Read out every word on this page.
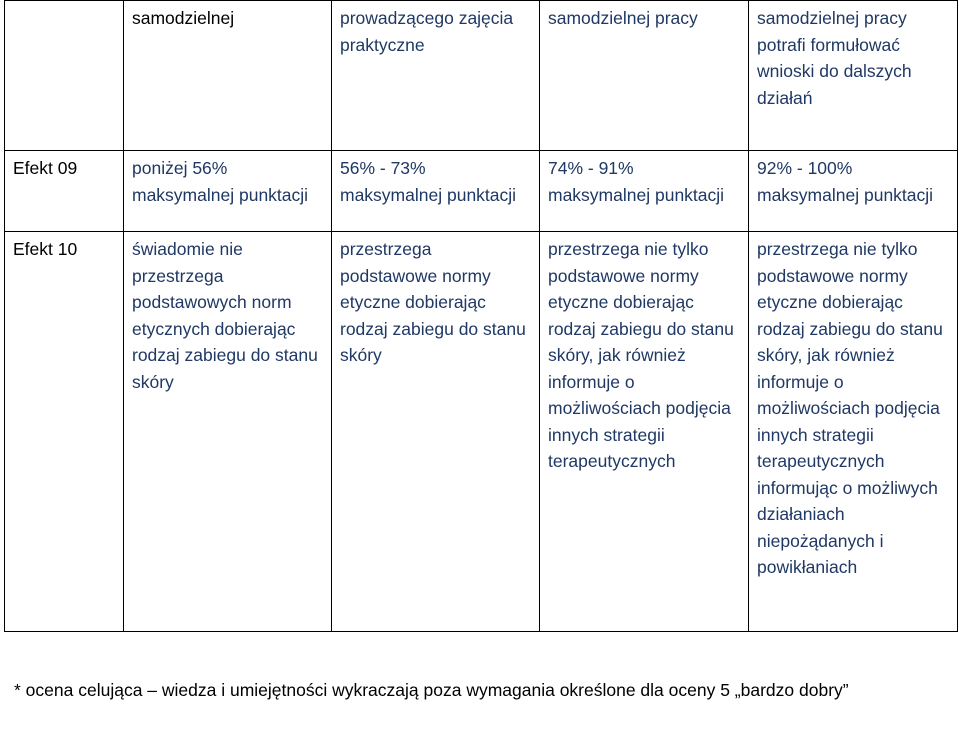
	samodzielnej	prowadzącego zajęcia praktyczne	samodzielnej pracy	samodzielnej pracy potrafi formułować wnioski do dalszych działań
Efekt 09	poniżej 56% maksymalnej punktacji	56% - 73% maksymalnej punktacji	74% - 91% maksymalnej punktacji	92% - 100% maksymalnej punktacji
Efekt 10	świadomie nie przestrzega podstawowych norm etycznych dobierając rodzaj zabiegu do stanu skóry	przestrzega podstawowe normy etyczne dobierając rodzaj zabiegu do stanu skóry	przestrzega nie tylko podstawowe normy etyczne dobierając rodzaj zabiegu do stanu skóry, jak również informuje o możliwościach podjęcia innych strategii terapeutycznych	przestrzega nie tylko podstawowe normy etyczne dobierając rodzaj zabiegu do stanu skóry, jak również informuje o możliwościach podjęcia innych strategii terapeutycznych informując o możliwych działaniach niepożądanych i powikłaniach
* ocena celująca – wiedza i umiejętności wykraczają poza wymagania określone dla oceny 5 „bardzo dobry”
